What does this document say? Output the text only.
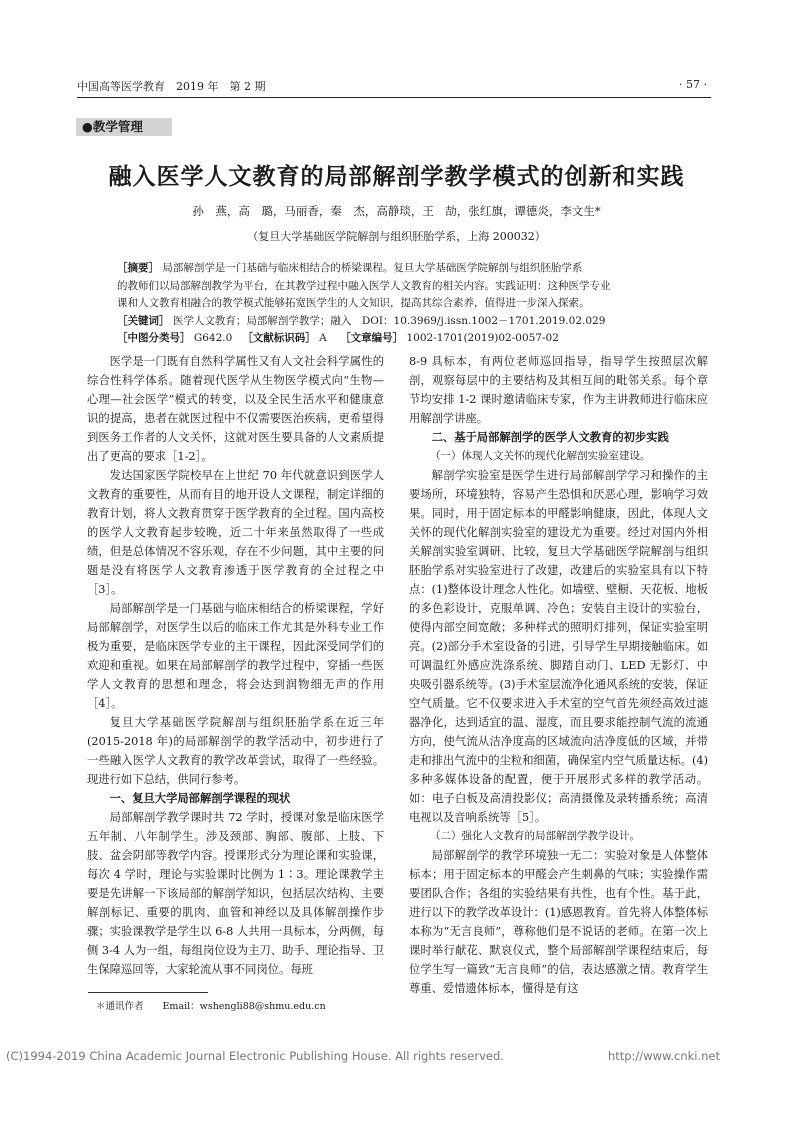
中国高等医学教育　2019 年　第 2 期	· 57 ·
●教学管理
融入医学人文教育的局部解剖学教学模式的创新和实践
孙　燕，高　璐，马丽香，秦　杰，高静琰，王　劼，张红旗，谭德炎，李文生*
（复旦大学基础医学院解剖与组织胚胎学系，上海 200032）

［摘要］ 局部解剖学是一门基础与临床相结合的桥梁课程。复旦大学基础医学院解剖与组织胚胎学系

的教师们以局部解剖教学为平台，在其教学过程中融入医学人文教育的相关内容。实践证明：这种医学专业

课和人文教育相融合的教学模式能够拓宽医学生的人文知识，提高其综合素养，值得进一步深入探索。

［关键词］ 医学人文教育；局部解剖学教学；融入　DOI：10.3969/j.issn.1002－1701.2019.02.029

［中图分类号］ G642.0 ［文献标识码］ A ［文章编号］ 1002-1701(2019)02-0057-02

医学是一门既有自然科学属性又有人文社会科学属性的综合性科学体系。随着现代医学从生物医学模式向“生物—心理—社会医学”模式的转变，以及全民生活水平和健康意识的提高，患者在就医过程中不仅需要医治疾病，更希望得到医务工作者的人文关怀，这就对医生要具备的人文素质提出了更高的要求［1-2］。

发达国家医学院校早在上世纪 70 年代就意识到医学人文教育的重要性，从而有目的地开设人文课程，制定详细的教育计划，将人文教育贯穿于医学教育的全过程。国内高校的医学人文教育起步较晚，近二十年来虽然取得了一些成绩，但是总体情况不容乐观，存在不少问题，其中主要的问题是没有将医学人文教育渗透于医学教育的全过程之中［3］。

局部解剖学是一门基础与临床相结合的桥梁课程，学好局部解剖学，对医学生以后的临床工作尤其是外科专业工作极为重要，是临床医学专业的主干课程，因此深受同学们的欢迎和重视。如果在局部解剖学的教学过程中，穿插一些医学人文教育的思想和理念，将会达到润物细无声的作用［4］。

复旦大学基础医学院解剖与组织胚胎学系在近三年(2015-2018 年)的局部解剖学的教学活动中，初步进行了一些融入医学人文教育的教学改革尝试，取得了一些经验。现进行如下总结，供同行参考。

一、复旦大学局部解剖学课程的现状

局部解剖学教学课时共 72 学时，授课对象是临床医学五年制、八年制学生。涉及颈部、胸部、腹部、上肢、下肢、盆会阴部等教学内容。授课形式分为理论课和实验课，每次 4 学时，理论与实验课时比例为 1∶3。理论课教学主要是先讲解一下该局部的解剖学知识，包括层次结构、主要解剖标记、重要的肌肉、血管和神经以及具体解剖操作步骤；实验课教学是学生以 6-8 人共用一具标本，分两侧，每侧 3-4 人为一组，每组岗位设为主刀、助手、理论指导、卫生保障巡回等，大家轮流从事不同岗位。每班

8-9 具标本，有两位老师巡回指导，指导学生按照层次解剖，观察每层中的主要结构及其相互间的毗邻关系。每个章节均安排 1-2 课时邀请临床专家，作为主讲教师进行临床应用解剖学讲座。

二、基于局部解剖学的医学人文教育的初步实践

（一）体现人文关怀的现代化解剖实验室建设。

解剖学实验室是医学生进行局部解剖学学习和操作的主要场所，环境独特，容易产生恐惧和厌恶心理，影响学习效果。同时，用于固定标本的甲醛影响健康，因此，体现人文关怀的现代化解剖实验室的建设尤为重要。经过对国内外相关解剖实验室调研、比较，复旦大学基础医学院解剖与组织胚胎学系对实验室进行了改建，改建后的实验室具有以下特点：(1)整体设计理念人性化。如墙壁、壁橱、天花板、地板的多色彩设计，克服单调、冷色；安装自主设计的实验台，使得内部空间宽敞；多种样式的照明灯排列，保证实验室明亮。(2)部分手术室设备的引进，引导学生早期接触临床。如可调温红外感应洗涤系统、脚踏自动门、LED 无影灯、中央吸引器系统等。(3)手术室层流净化通风系统的安装，保证空气质量。它不仅要求进入手术室的空气首先须经高效过滤器净化，达到适宜的温、湿度，而且要求能控制气流的流通方向，使气流从洁净度高的区域流向洁净度低的区域，并带走和排出气流中的尘粒和细菌，确保室内空气质量达标。(4)多种多媒体设备的配置，便于开展形式多样的教学活动。如：电子白板及高清投影仪；高清摄像及录转播系统；高清电视以及音响系统等［5］。

（二）强化人文教育的局部解剖学教学设计。

局部解剖学的教学环境独一无二：实验对象是人体整体标本；用于固定标本的甲醛会产生刺鼻的气味；实验操作需要团队合作；各组的实验结果有共性，也有个性。基于此，进行以下的教学改革设计：(1)感恩教育。首先将人体整体标本称为“无言良师”，尊称他们是不说话的老师。在第一次上课时举行献花、默哀仪式，整个局部解剖学课程结束后，每位学生写一篇致“无言良师”的信，表达感激之情。教育学生尊重、爱惜遗体标本，懂得是有这

＊通讯作者　　Email：wshengli88@shmu.edu.cn
(C)1994-2019 China Academic Journal Electronic Publishing House. All rights reserved.	http://www.cnki.net
